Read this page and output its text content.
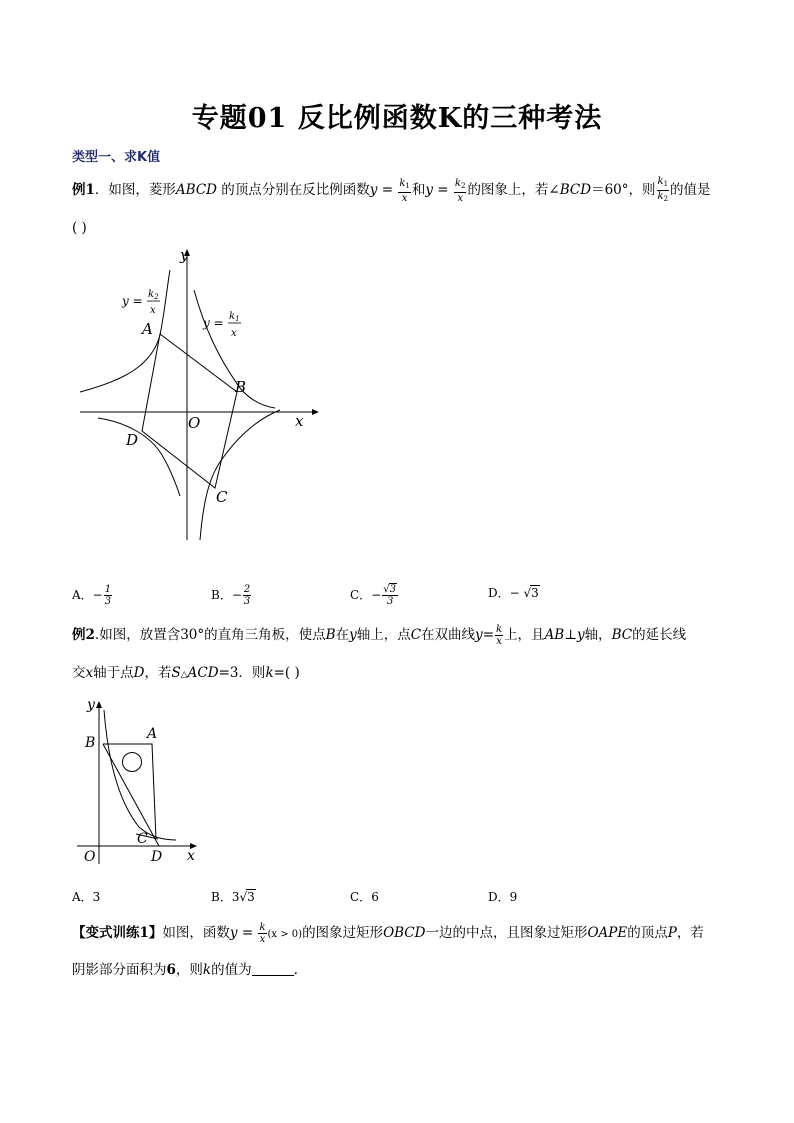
专题01 反比例函数K的三种考法
类型一、求K值
例1．如图，菱形ABCD 的顶点分别在反比例函数$y = \frac{k_1}{x}$ 和$y = \frac{k_2}{x}$ 的图象上，若∠BCD＝60°，则 $\frac{k_1}{k_2}$ 的值是
( )
y
x
O
A
B
C
D
$y = k_2$
x
$y = k_1$
x
A．− $\frac{1}{3}$	B．− $\frac{2}{3}$	C．− $\frac{√3}{3}$	D．− √3
例2.如图，放置含30°的直角三角板，使点B在y轴上，点C在双曲线$y= \frac{k}{x}$ 上，且AB⊥y轴，BC的延长线
交x轴于点D，若S△ACD=3．则k=( )
y
x
O
A
B
C
D
A．3	B．3√3	C．6	D．9
【变式训练1】如图，函数$y = \frac{k}{x} (x > 0)$的图象过矩形OBCD一边的中点，且图象过矩形OAPE的顶点P，若
阴影部分面积为6，则k的值为	.
